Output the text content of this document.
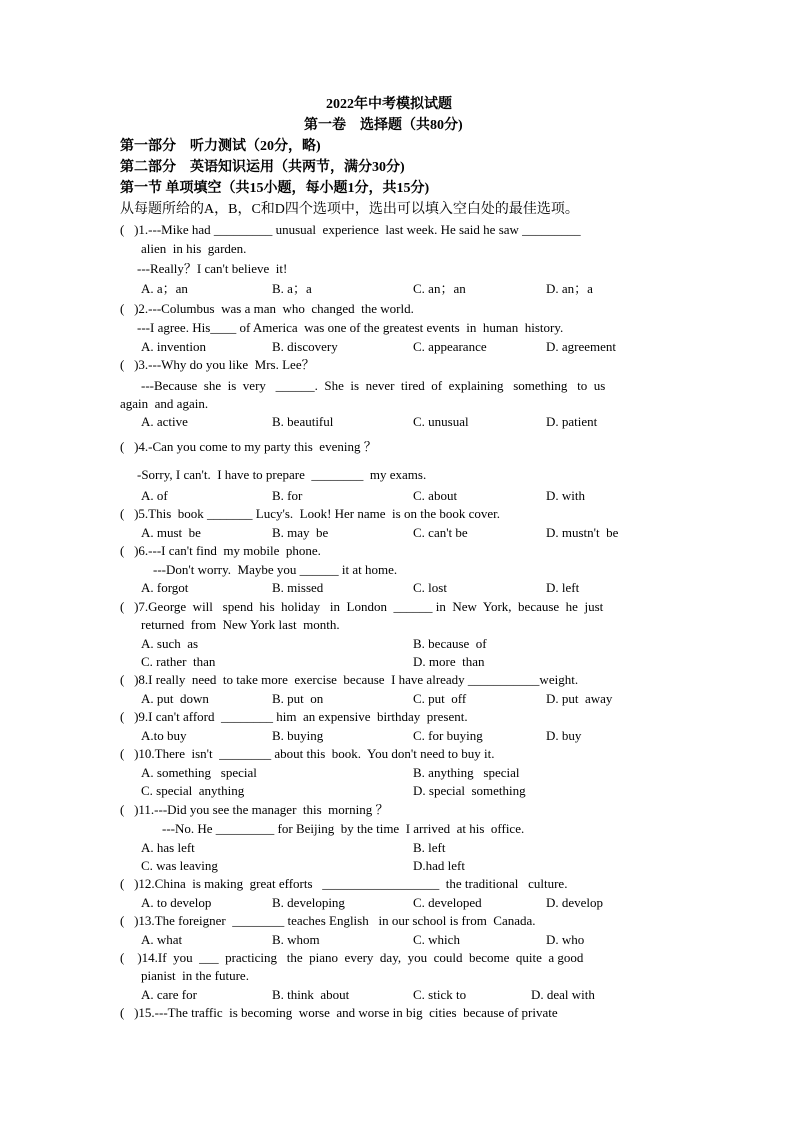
2022年中考模拟试题
第一卷　选择题（共80分)
第一部分　听力测试（20分，略)
第二部分　英语知识运用（共两节，满分30分)
第一节 单项填空（共15小题，每小题1分，共15分)
从每题所给的A，B，C和D四个选项中，选出可以填入空白处的最佳选项。
(   )1.---Mike had _________ unusual  experience  last week. He said he saw _________
alien  in his  garden.
---Really？I can't believe  it!
A. a；an	B. a；a	C. an；an	D. an；a
(   )2.---Columbus  was a man  who  changed  the world.
---I agree. His____ of America  was one of the greatest events  in  human  history.
A. invention	B. discovery	C. appearance	D. agreement
(   )3.---Why do you like  Mrs. Lee？
---Because  she  is  very   ______.  She  is  never  tired  of  explaining   something   to  us
again  and again.
A. active	B. beautiful	C. unusual	D. patient
(   )4.-Can you come to my party this  evening ？
-Sorry, I can't.  I have to prepare  ________  my exams.
A. of	B. for	C. about	D. with
(   )5.This  book _______ Lucy's.  Look! Her name  is on the book cover.
A. must  be	B. may  be	C. can't be	D. mustn't  be
(   )6.---I can't find  my mobile  phone.
---Don't worry.  Maybe you ______ it at home.
A. forgot	B. missed	C. lost	D. left
(   )7.George  will   spend  his  holiday   in  London  ______ in  New  York,  because  he  just
returned  from  New York last  month.
A. such  as	B. because  of
C. rather  than	D. more  than
(   )8.I really  need  to take more  exercise  because  I have already ___________weight.
A. put  down	B. put  on	C. put  off	D. put  away
(   )9.I can't afford  ________ him  an expensive  birthday  present.
A.to buy	B. buying	C. for buying	D. buy
(   )10.There  isn't  ________ about this  book.  You don't need to buy it.
A. something   special	B. anything   special
C. special  anything	D. special  something
(   )11.---Did you see the manager  this  morning ？
---No. He _________ for Beijing  by the time  I arrived  at his  office.
A. has left	B. left
C. was leaving	D.had left
(   )12.China  is making  great efforts   __________________  the traditional   culture.
A. to develop	B. developing	C. developed	D. develop
(   )13.The foreigner  ________ teaches English   in our school is from  Canada.
A. what	B. whom	C. which	D. who
(    )14.If  you  ___  practicing   the  piano  every  day,  you  could  become  quite  a good
pianist  in the future.
A. care for	B. think  about	C. stick to	D. deal with
(   )15.---The traffic  is becoming  worse  and worse in big  cities  because of private
